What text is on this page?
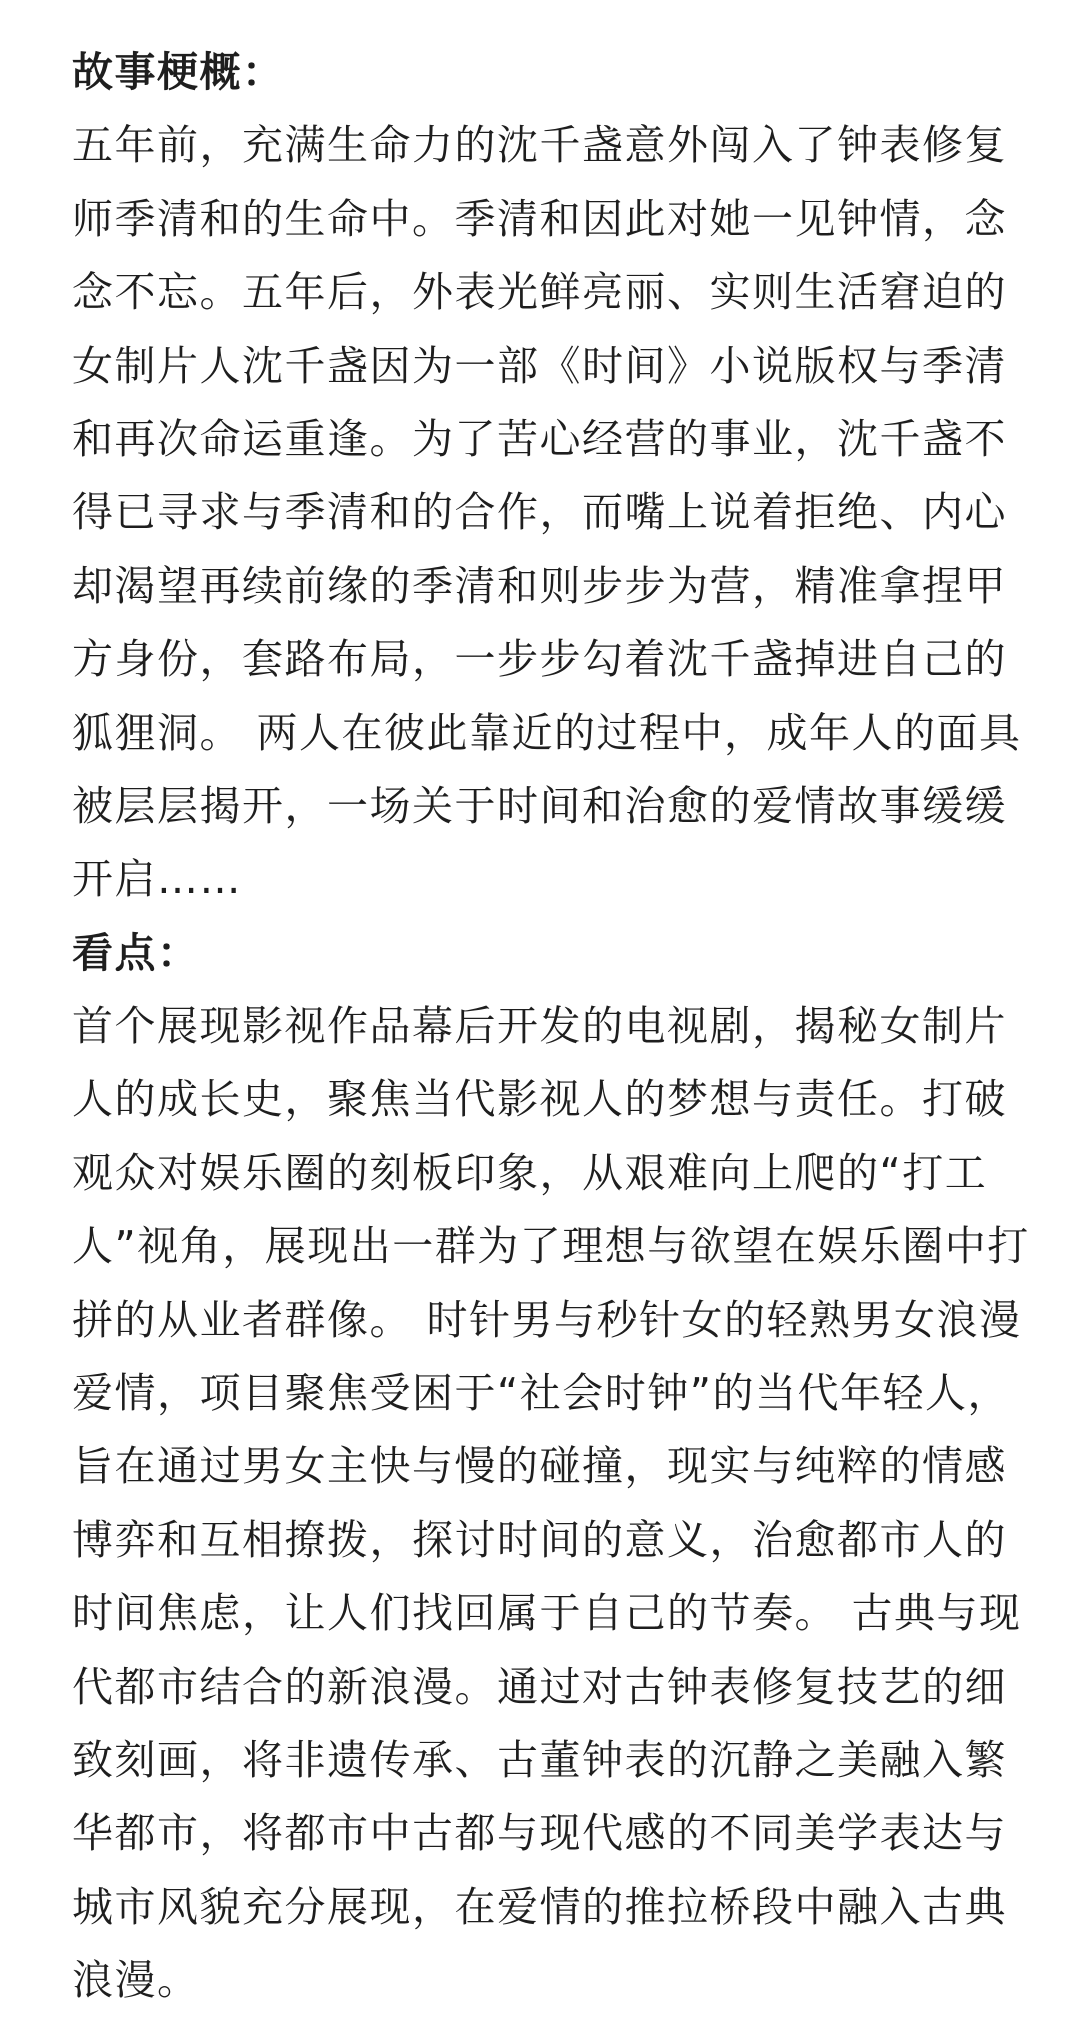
故事梗概：
五年前，充满生命力的沈千盏意外闯入了钟表修复
师季清和的生命中。季清和因此对她一见钟情，念
念不忘。五年后，外表光鲜亮丽、实则生活窘迫的
女制片人沈千盏因为一部《时间》小说版权与季清
和再次命运重逢。为了苦心经营的事业，沈千盏不
得已寻求与季清和的合作，而嘴上说着拒绝、内心
却渴望再续前缘的季清和则步步为营，精准拿捏甲
方身份，套路布局，一步步勾着沈千盏掉进自己的
狐狸洞。 两人在彼此靠近的过程中，成年人的面具
被层层揭开，一场关于时间和治愈的爱情故事缓缓
开启……
看点：
首个展现影视作品幕后开发的电视剧，揭秘女制片
人的成长史，聚焦当代影视人的梦想与责任。打破
观众对娱乐圈的刻板印象，从艰难向上爬的“打工
人”视角，展现出一群为了理想与欲望在娱乐圈中打
拼的从业者群像。 时针男与秒针女的轻熟男女浪漫
爱情，项目聚焦受困于“社会时钟”的当代年轻人，
旨在通过男女主快与慢的碰撞，现实与纯粹的情感
博弈和互相撩拨，探讨时间的意义，治愈都市人的
时间焦虑，让人们找回属于自己的节奏。 古典与现
代都市结合的新浪漫。通过对古钟表修复技艺的细
致刻画，将非遗传承、古董钟表的沉静之美融入繁
华都市，将都市中古都与现代感的不同美学表达与
城市风貌充分展现，在爱情的推拉桥段中融入古典
浪漫。
